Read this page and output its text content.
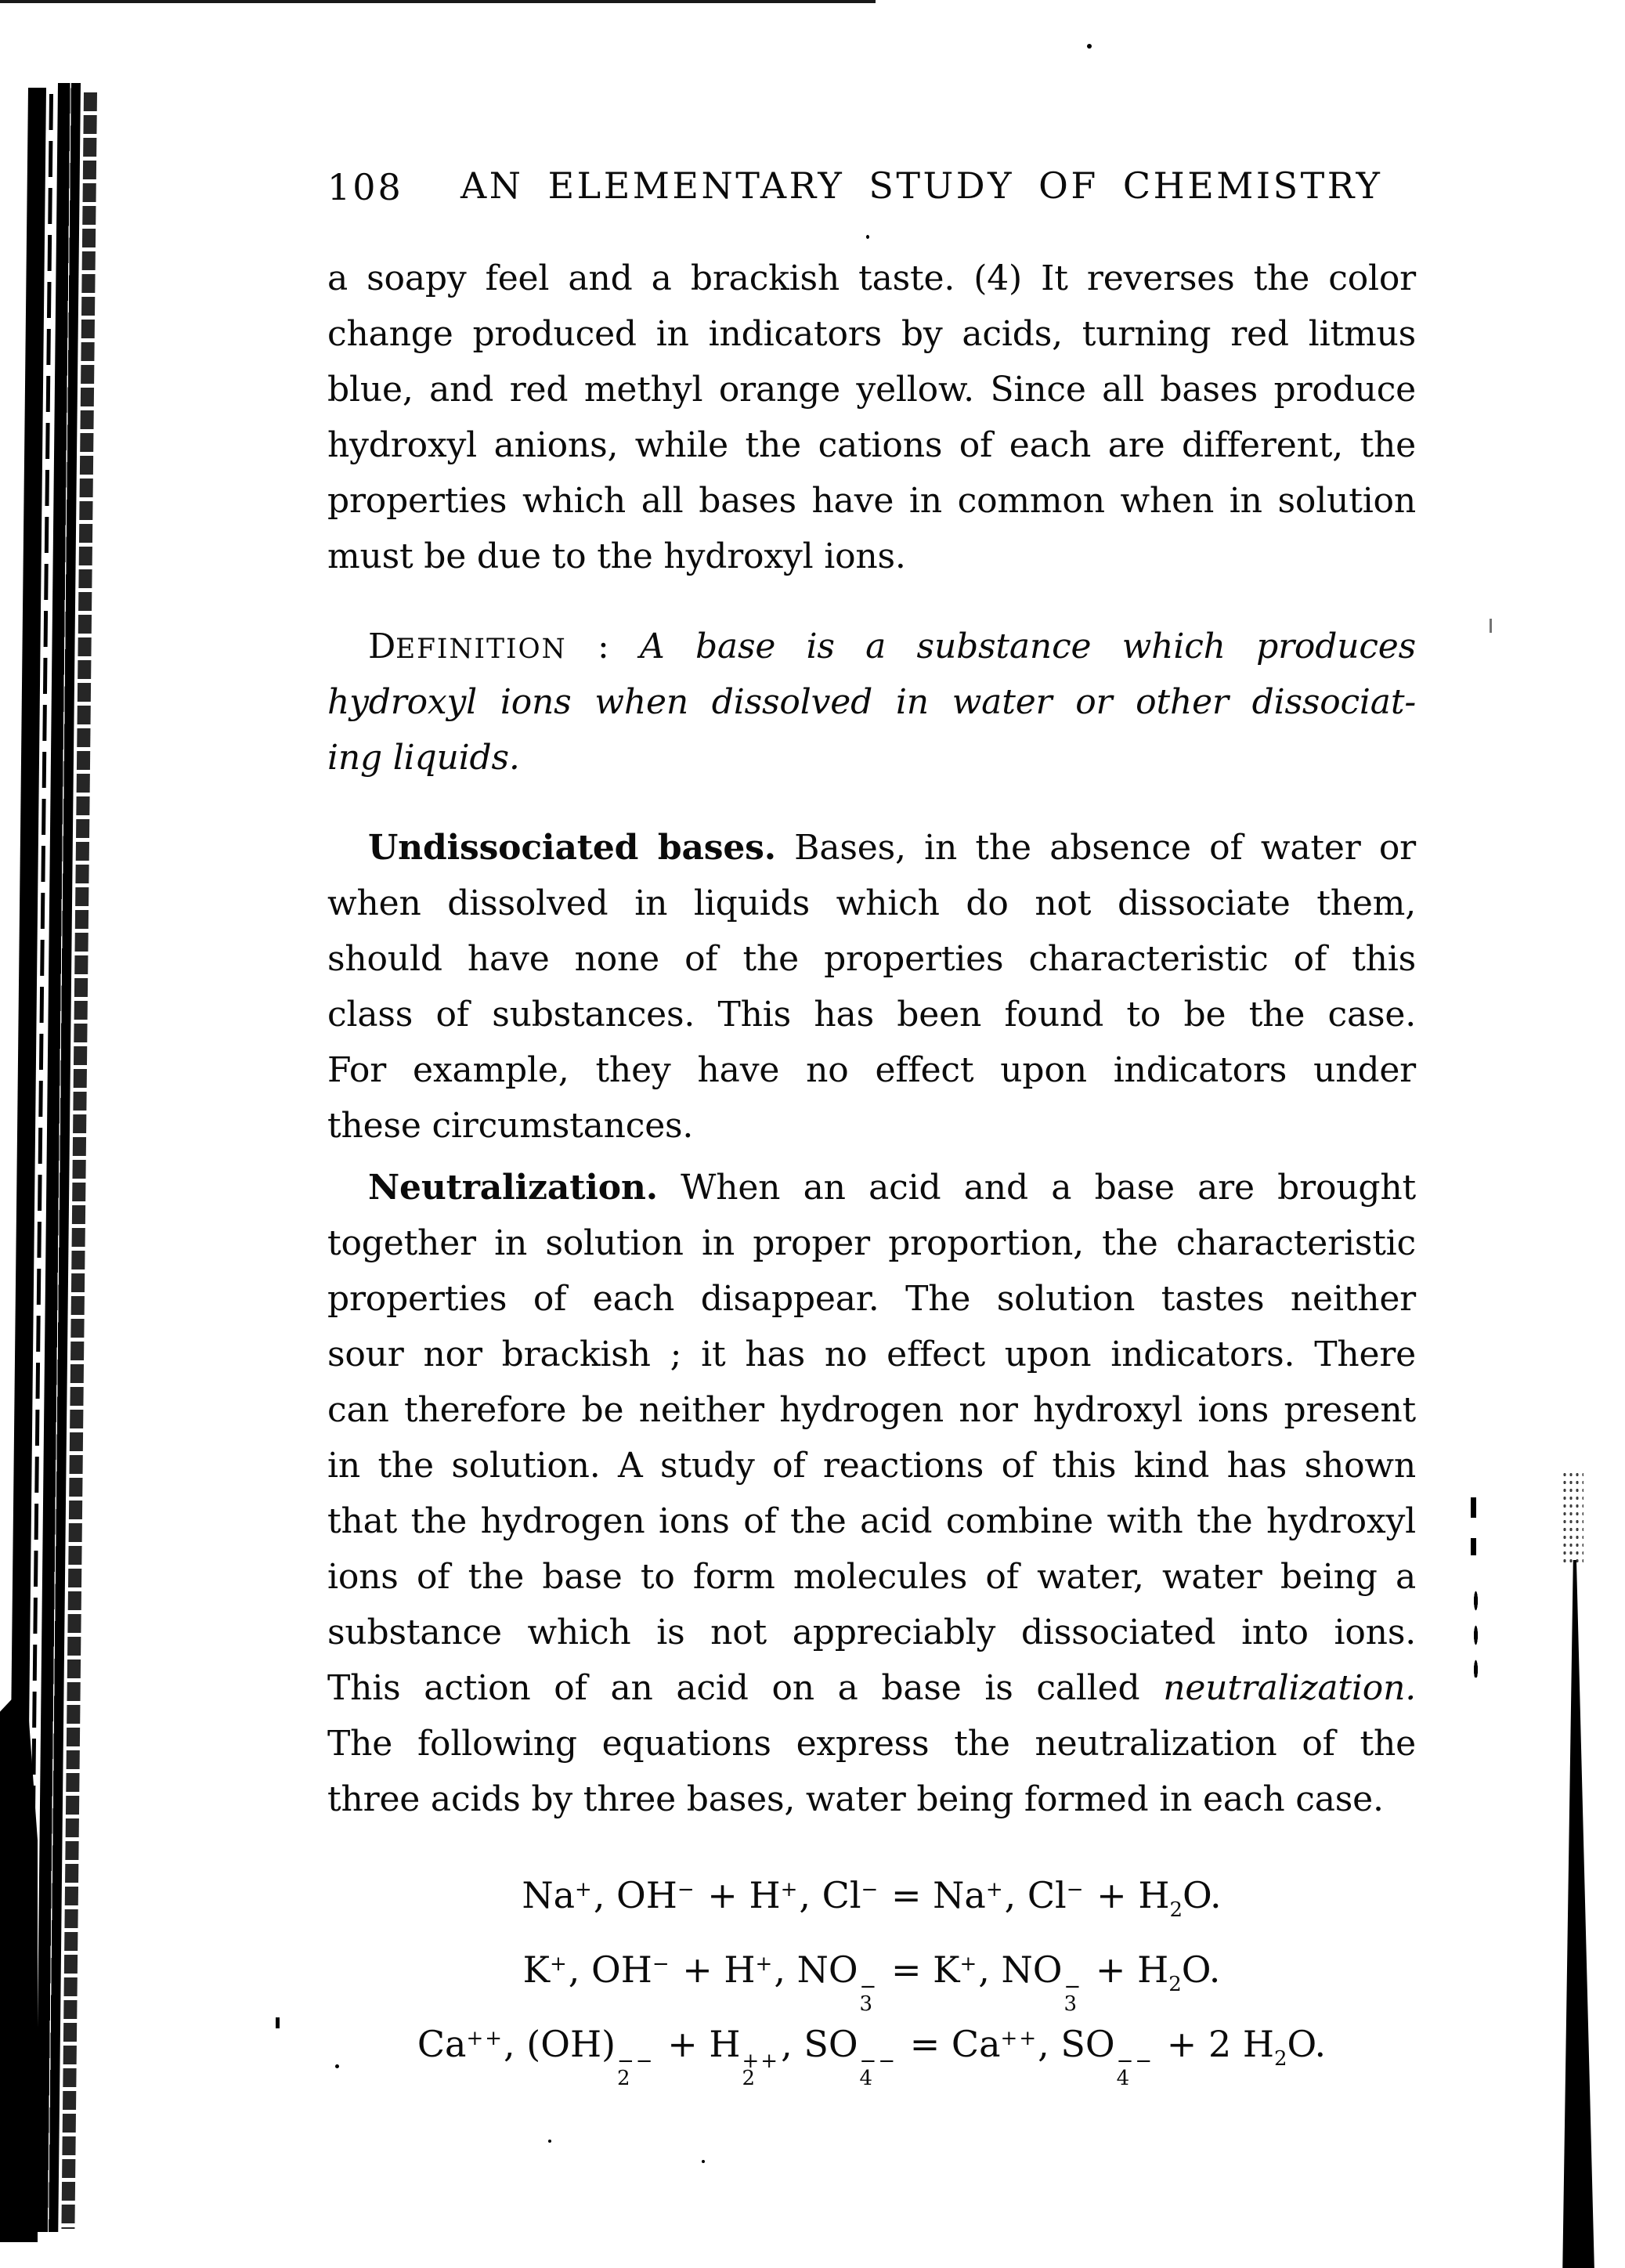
108 AN ELEMENTARY STUDY OF CHEMISTRY
a soapy feel and a brackish taste. (4) It reverses the color
change produced in indicators by acids, turning red litmus
blue, and red methyl orange yellow. Since all bases produce
hydroxyl anions, while the cations of each are different, the
properties which all bases have in common when in solution
must be due to the hydroxyl ions.
DEFINITION : A base is a substance which produces
hydroxyl ions when dissolved in water or other dissociat-
ing liquids.
Undissociated bases. Bases, in the absence of water or
when dissolved in liquids which do not dissociate them,
should have none of the properties characteristic of this
class of substances. This has been found to be the case.
For example, they have no effect upon indicators under
these circumstances.
Neutralization. When an acid and a base are brought
together in solution in proper proportion, the characteristic
properties of each disappear. The solution tastes neither
sour nor brackish ; it has no effect upon indicators. There
can therefore be neither hydrogen nor hydroxyl ions present
in the solution. A study of reactions of this kind has shown
that the hydrogen ions of the acid combine with the hydroxyl
ions of the base to form molecules of water, water being a
substance which is not appreciably dissociated into ions.
This action of an acid on a base is called neutralization.
The following equations express the neutralization of the
three acids by three bases, water being formed in each case.
Na+, OH− + H+, Cl− = Na+, $Cl^- + H_2O$.
K+, OH− + H+, NO −
3
= K+, NO −
3
+ $H_2O$.
Ca++, (OH) −−
2
+ H ++
2
, SO −−
4
= Ca++, SO −−
4
+ 2 $H_2O$.
